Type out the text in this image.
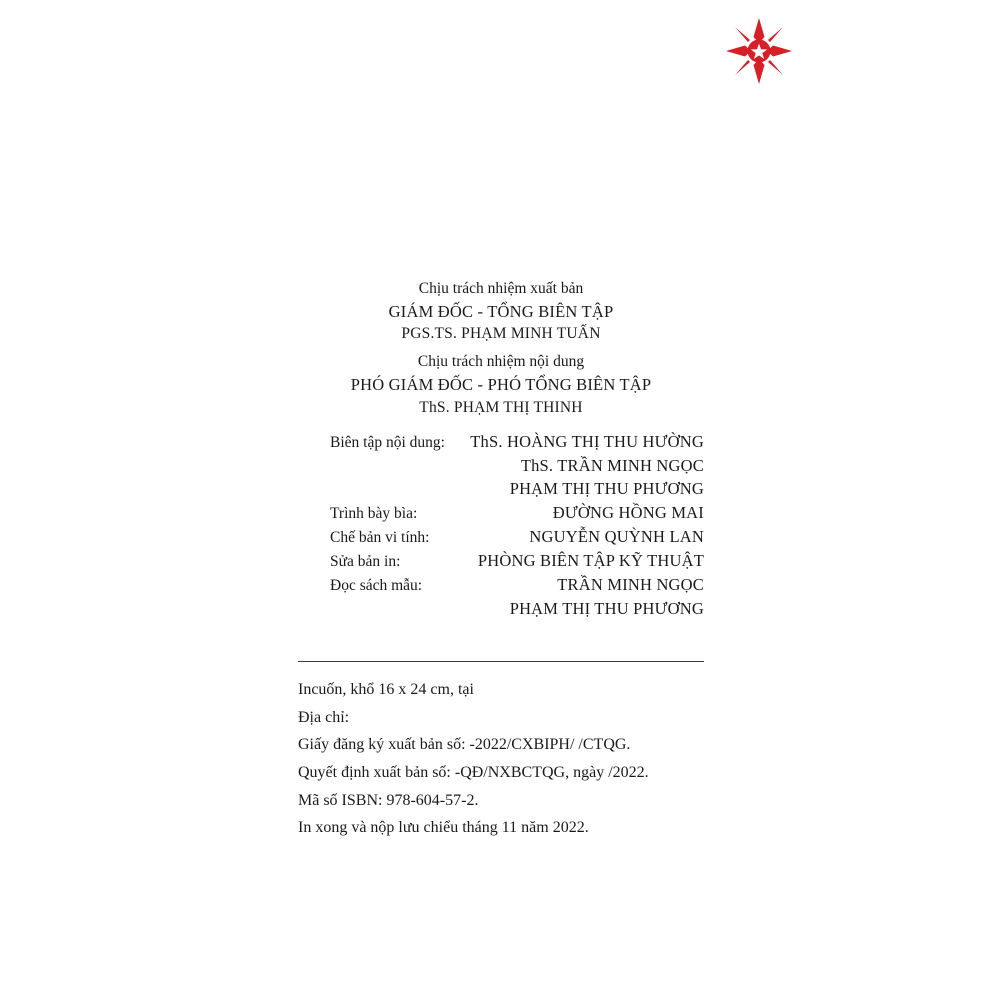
Chịu trách nhiệm xuất bản
GIÁM ĐỐC - TỔNG BIÊN TẬP
PGS.TS. PHẠM MINH TUẤN
Chịu trách nhiệm nội dung
PHÓ GIÁM ĐỐC - PHÓ TỔNG BIÊN TẬP
ThS. PHẠM THỊ THINH
Biên tập nội dung: ThS. HOÀNG THỊ THU HƯỜNG
ThS. TRẦN MINH NGỌC
PHẠM THỊ THU PHƯƠNG
Trình bày bìa:	ĐƯỜNG HỒNG MAI
Chế bản vi tính:	NGUYỄN QUỲNH LAN
Sửa bản in:	PHÒNG BIÊN TẬP KỸ THUẬT
Đọc sách mẫu:	TRẦN MINH NGỌC
PHẠM THỊ THU PHƯƠNG
Incuốn, khổ 16 x 24 cm, tại
Địa chỉ:
Giấy đăng ký xuất bản số: -2022/CXBIPH/ /CTQG.
Quyết định xuất bản số: -QĐ/NXBCTQG, ngày /2022.
Mã số ISBN: 978-604-57-2.
In xong và nộp lưu chiểu tháng 11 năm 2022.
